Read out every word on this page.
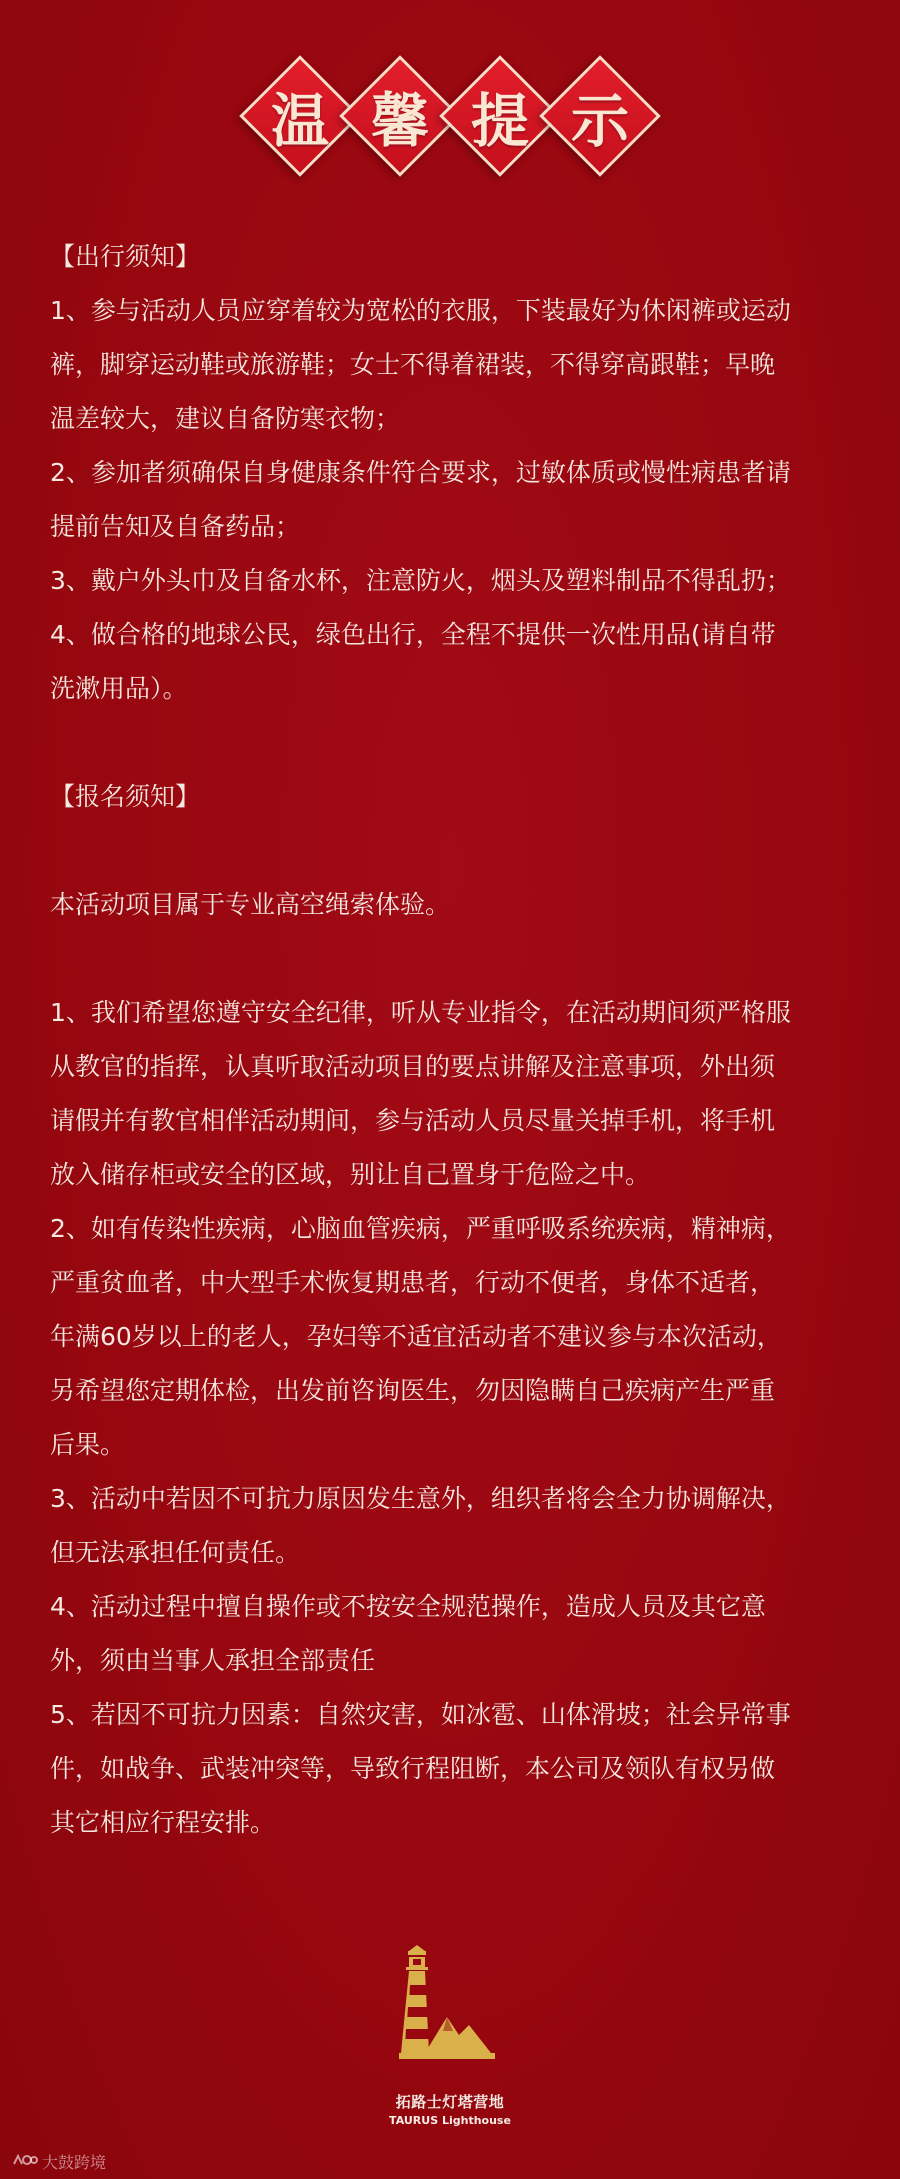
温 馨 提 示
【出行须知】
1、参与活动人员应穿着较为宽松的衣服，下装最好为休闲裤或运动
裤，脚穿运动鞋或旅游鞋；女士不得着裙装，不得穿高跟鞋；早晚
温差较大，建议自备防寒衣物；
2、参加者须确保自身健康条件符合要求，过敏体质或慢性病患者请
提前告知及自备药品；
3、戴户外头巾及自备水杯，注意防火，烟头及塑料制品不得乱扔；
4、做合格的地球公民，绿色出行，全程不提供一次性用品(请自带
洗漱用品）。
【报名须知】
本活动项目属于专业高空绳索体验。
1、我们希望您遵守安全纪律，听从专业指令，在活动期间须严格服
从教官的指挥，认真听取活动项目的要点讲解及注意事项，外出须
请假并有教官相伴活动期间，参与活动人员尽量关掉手机，将手机
放入储存柜或安全的区域，别让自己置身于危险之中。
2、如有传染性疾病，心脑血管疾病，严重呼吸系统疾病，精神病，
严重贫血者，中大型手术恢复期患者，行动不便者，身体不适者，
年满60岁以上的老人，孕妇等不适宜活动者不建议参与本次活动，
另希望您定期体检，出发前咨询医生，勿因隐瞒自己疾病产生严重
后果。
3、活动中若因不可抗力原因发生意外，组织者将会全力协调解决，
但无法承担任何责任。
4、活动过程中擅自操作或不按安全规范操作，造成人员及其它意
外，须由当事人承担全部责任
5、若因不可抗力因素：自然灾害，如冰雹、山体滑坡；社会异常事
件，如战争、武装冲突等，导致行程阻断，本公司及领队有权另做
其它相应行程安排。
拓路士灯塔营地
TAURUS Lighthouse
大鼓跨境
